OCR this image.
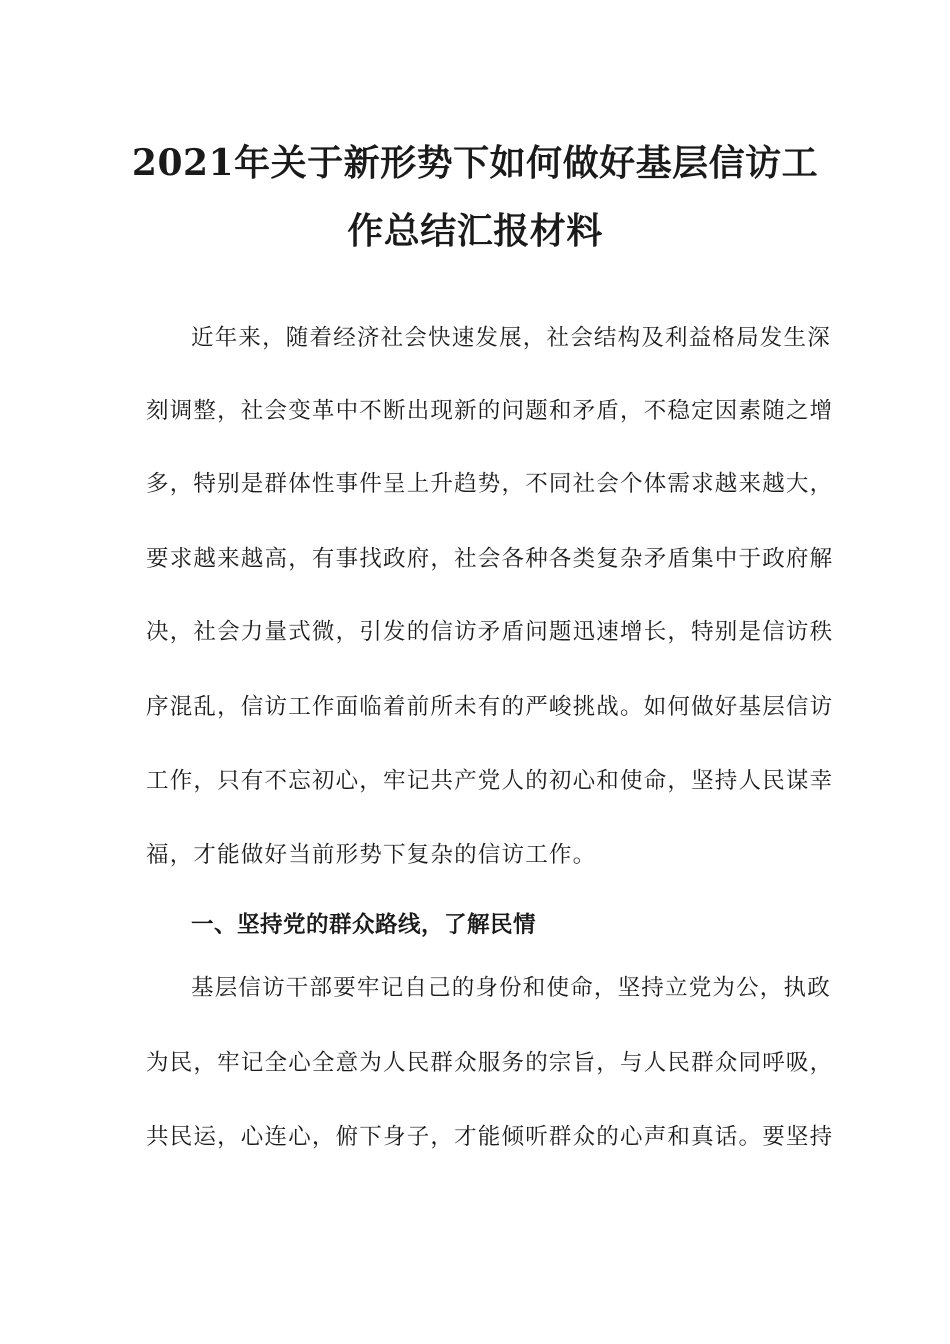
2021年关于新形势下如何做好基层信访工
作总结汇报材料
近年来，随着经济社会快速发展，社会结构及利益格局发生深
刻调整，社会变革中不断出现新的问题和矛盾，不稳定因素随之增
多，特别是群体性事件呈上升趋势，不同社会个体需求越来越大，
要求越来越高，有事找政府，社会各种各类复杂矛盾集中于政府解
决，社会力量式微，引发的信访矛盾问题迅速增长，特别是信访秩
序混乱，信访工作面临着前所未有的严峻挑战。如何做好基层信访
工作，只有不忘初心，牢记共产党人的初心和使命，坚持人民谋幸
福，才能做好当前形势下复杂的信访工作。
一、坚持党的群众路线，了解民情
基层信访干部要牢记自己的身份和使命，坚持立党为公，执政
为民，牢记全心全意为人民群众服务的宗旨，与人民群众同呼吸，
共民运，心连心，俯下身子，才能倾听群众的心声和真话。要坚持
